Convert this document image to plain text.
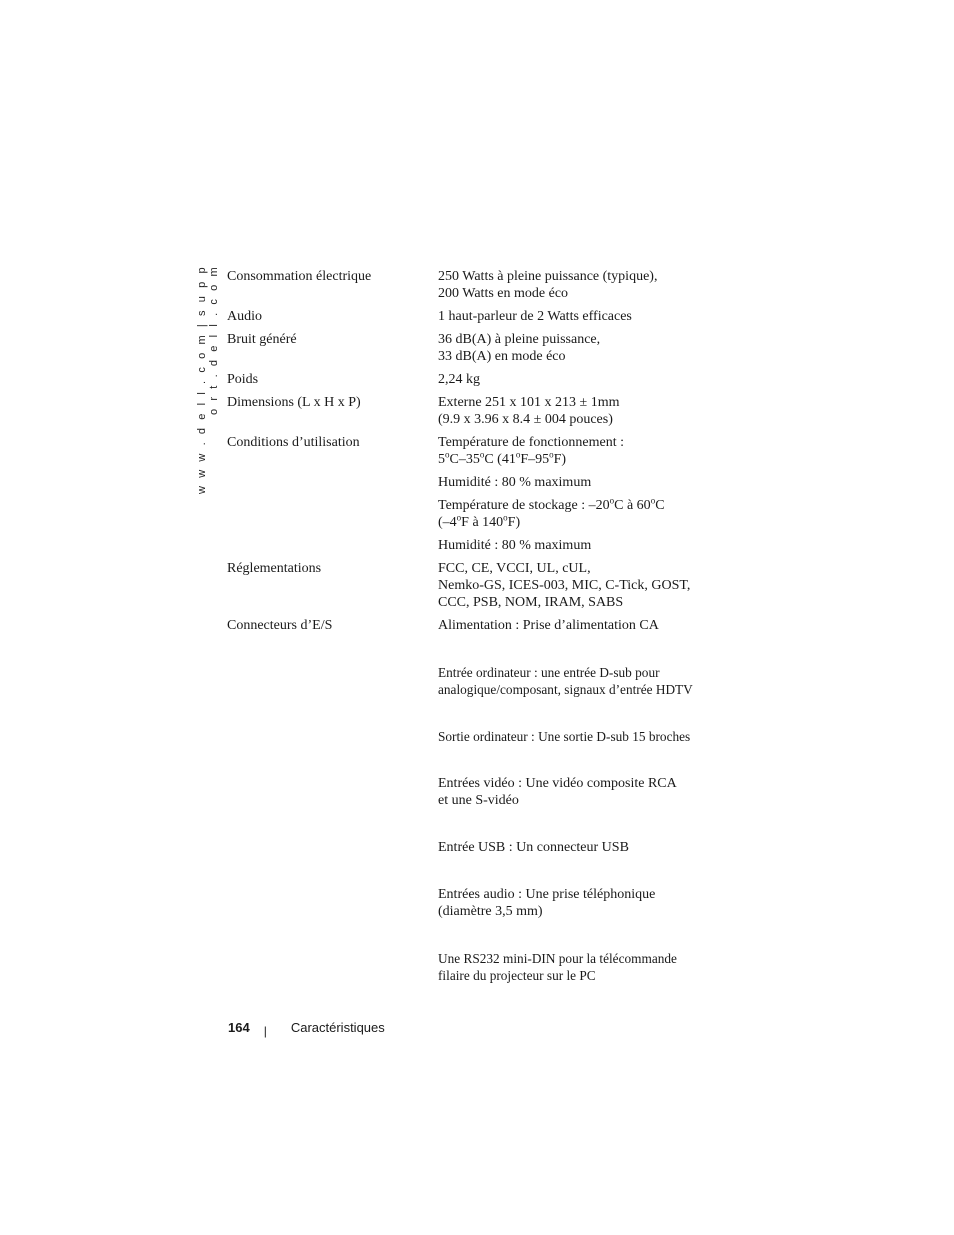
w w w . d e l l . c o m | s u p p o r t . d e l l . c o m Consommation électrique	250 Watts à pleine puissance (typique),
200 Watts en mode éco

Audio	1 haut-parleur de 2 Watts efficaces

Bruit généré	36 dB(A) à pleine puissance,
33 dB(A) en mode éco

Poids	2,24 kg

Dimensions (L x H x P)	Externe 251 x 101 x 213 ± 1mm
(9.9 x 3.96 x 8.4 ± 004 pouces)

Conditions d’utilisation	Température de fonctionnement :
5$^o$C–35$^o$C (41$^o$F–95$^o$F)

Humidité : 80 % maximum

Température de stockage : –20$^o$C à 60$^o$C
(–4$^o$F à 140$^o$F)

Humidité : 80 % maximum

Réglementations	FCC, CE, VCCI, UL, cUL,
Nemko-GS, ICES-003, MIC, C-Tick, GOST,
CCC, PSB, NOM, IRAM, SABS

Connecteurs d’E/S	Alimentation : Prise d’alimentation CA

Entrée ordinateur : une entrée D-sub pour
analogique/composant, signaux d’entrée HDTV

Sortie ordinateur : Une sortie D-sub 15 broches

Entrées vidéo : Une vidéo composite RCA
et une S-vidéo

Entrée USB : Un connecteur USB

Entrées audio : Une prise téléphonique
(diamètre 3,5 mm)

Une RS232 mini-DIN pour la télécommande
filaire du projecteur sur le PC

164 | Caractéristiques
